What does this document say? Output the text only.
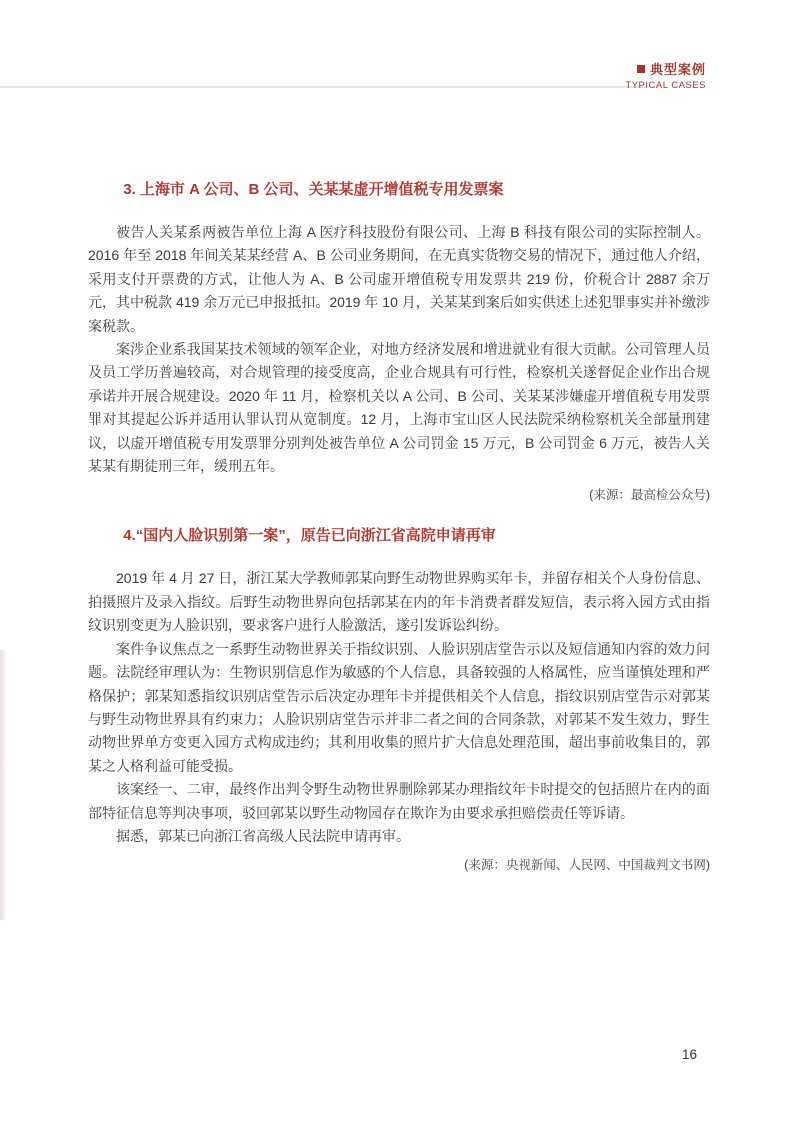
典型案例
TYPICAL CASES
3. 上海市 A 公司、B 公司、关某某虚开增值税专用发票案

被告人关某系两被告单位上海 A 医疗科技股份有限公司、上海 B 科技有限公司的实际控制人。2016 年至 2018 年间关某某经营 A、B 公司业务期间，在无真实货物交易的情况下，通过他人介绍，采用支付开票费的方式，让他人为 A、B 公司虚开增值税专用发票共 219 份，价税合计 2887 余万元，其中税款 419 余万元已申报抵扣。2019 年 10 月，关某某到案后如实供述上述犯罪事实并补缴涉案税款。

案涉企业系我国某技术领域的领军企业，对地方经济发展和增进就业有很大贡献。公司管理人员及员工学历普遍较高，对合规管理的接受度高，企业合规具有可行性，检察机关遂督促企业作出合规承诺并开展合规建设。2020 年 11 月，检察机关以 A 公司、B 公司、关某某涉嫌虚开增值税专用发票罪对其提起公诉并适用认罪认罚从宽制度。12 月，上海市宝山区人民法院采纳检察机关全部量刑建议，以虚开增值税专用发票罪分别判处被告单位 A 公司罚金 15 万元，B 公司罚金 6 万元，被告人关某某有期徒刑三年，缓刑五年。

(来源：最高检公众号)

4.“国内人脸识别第一案”，原告已向浙江省高院申请再审

2019 年 4 月 27 日，浙江某大学教师郭某向野生动物世界购买年卡，并留存相关个人身份信息、拍摄照片及录入指纹。后野生动物世界向包括郭某在内的年卡消费者群发短信，表示将入园方式由指纹识别变更为人脸识别，要求客户进行人脸激活，遂引发诉讼纠纷。

案件争议焦点之一系野生动物世界关于指纹识别、人脸识别店堂告示以及短信通知内容的效力问题。法院经审理认为：生物识别信息作为敏感的个人信息，具备较强的人格属性，应当谨慎处理和严格保护；郭某知悉指纹识别店堂告示后决定办理年卡并提供相关个人信息，指纹识别店堂告示对郭某与野生动物世界具有约束力；人脸识别店堂告示并非二者之间的合同条款，对郭某不发生效力，野生动物世界单方变更入园方式构成违约；其利用收集的照片扩大信息处理范围，超出事前收集目的，郭某之人格利益可能受损。

该案经一、二审，最终作出判令野生动物世界删除郭某办理指纹年卡时提交的包括照片在内的面部特征信息等判决事项，驳回郭某以野生动物园存在欺诈为由要求承担赔偿责任等诉请。

据悉，郭某已向浙江省高级人民法院申请再审。

(来源：央视新闻、人民网、中国裁判文书网)

16
